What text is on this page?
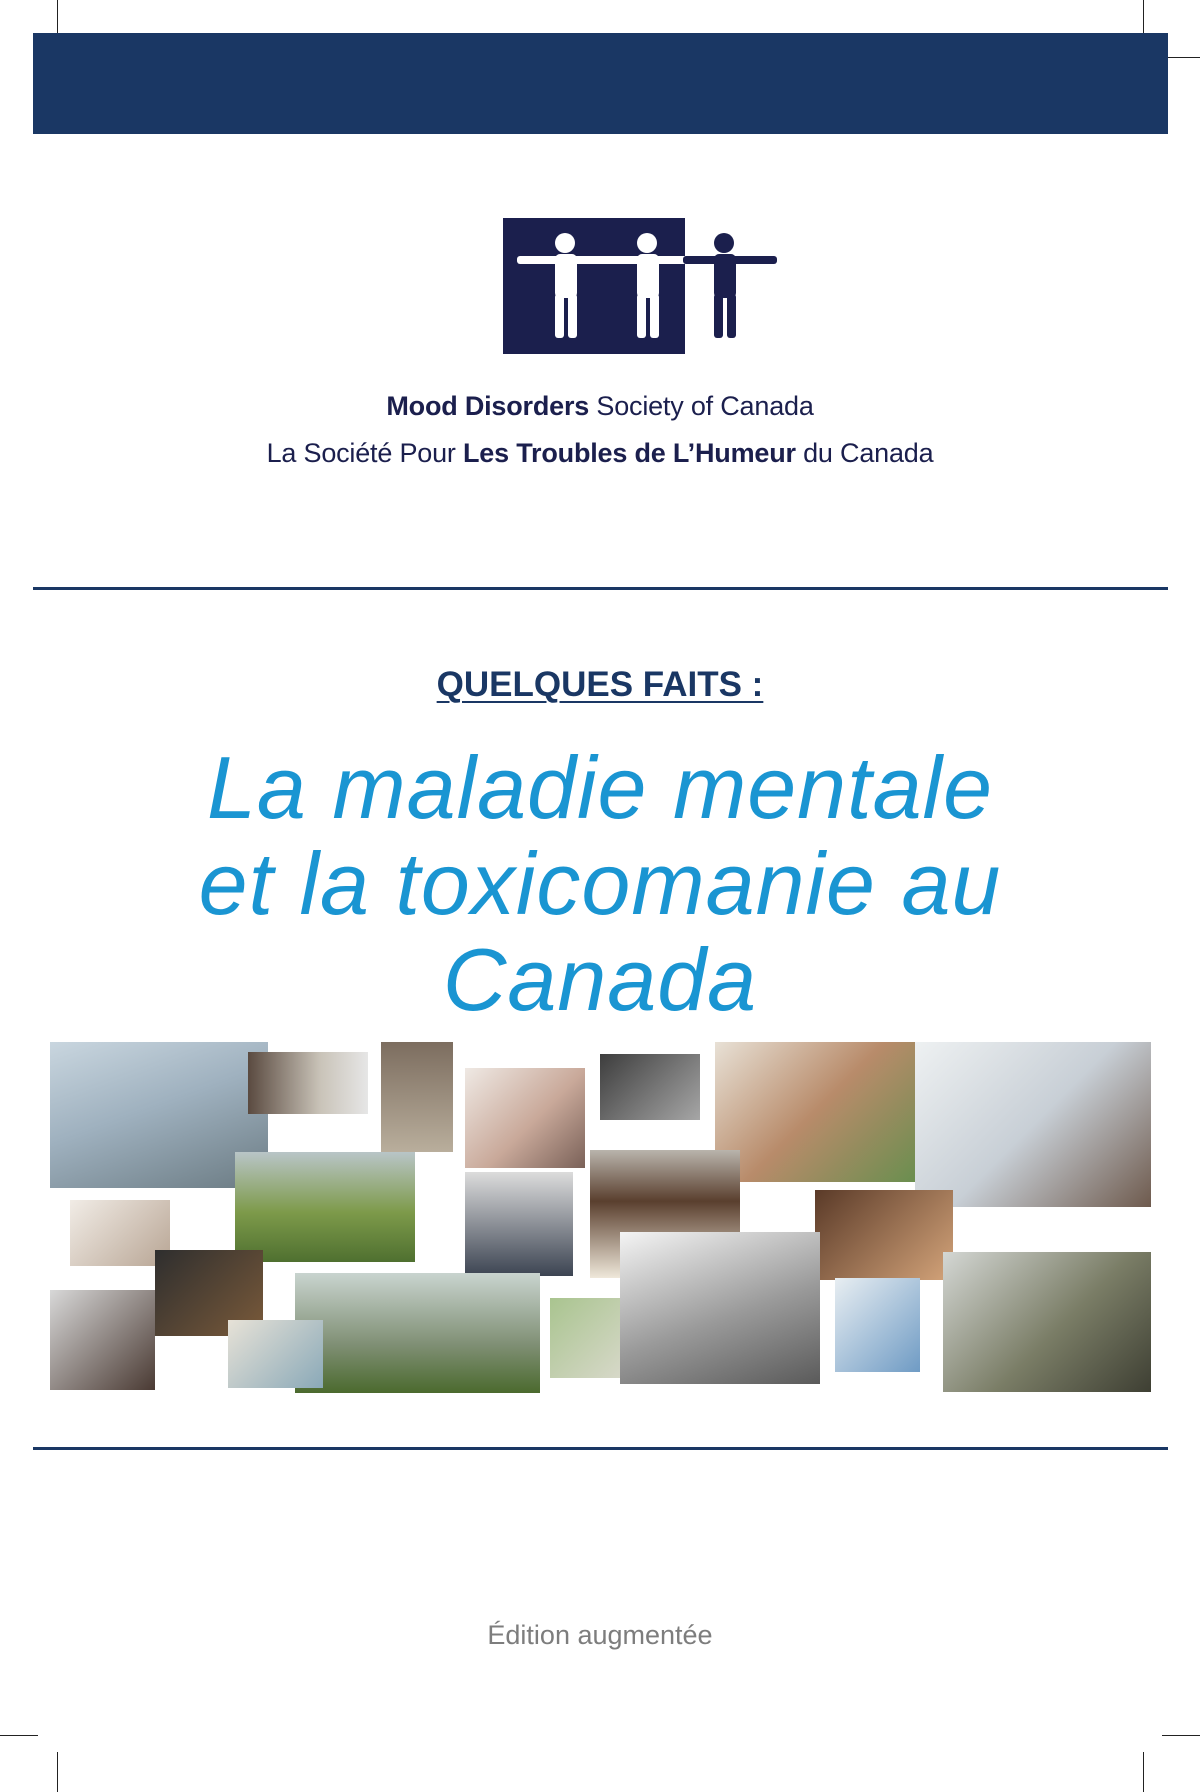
Mood Disorders Society of Canada
La Société Pour Les Troubles de L’Humeur du Canada
QUELQUES FAITS :
La maladie mentale
et la toxicomanie au
Canada
Édition augmentée
